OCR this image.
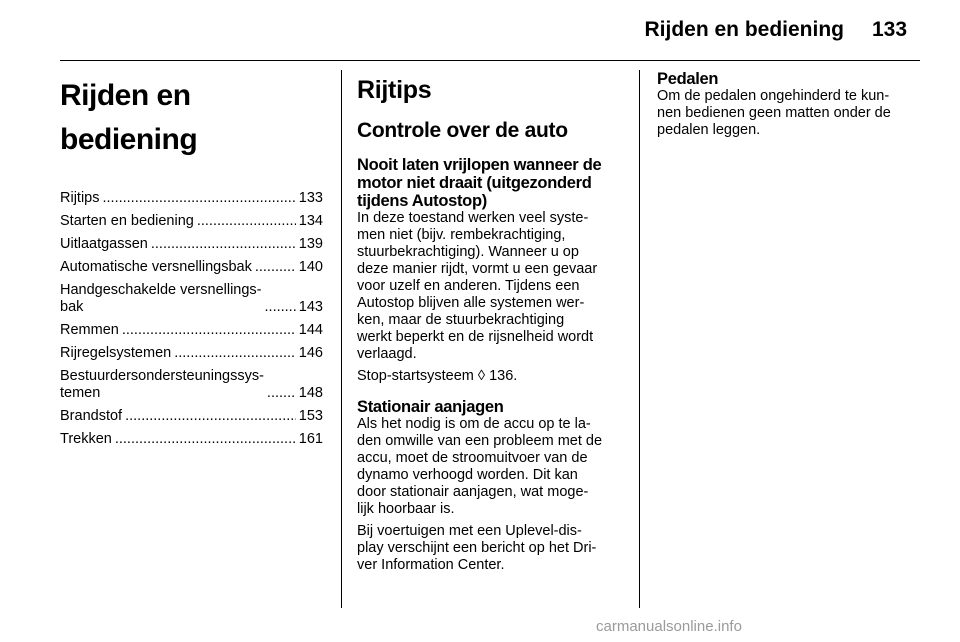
Rijden en bediening 133
Rijden en bediening
Rijtips .....	133
Starten en bediening .....	134
Uitlaatgassen .....	139
Automatische versnellingsbak .....	140
Handgeschakelde versnellings-
bak .....	143
Remmen .....	144
Rijregelsystemen .....	146
Bestuurdersondersteuningssys-
temen .....	148
Brandstof .....	153
Trekken .....	161
Rijtips
Controle over de auto
Nooit laten vrijlopen wanneer de motor niet draait (uitgezonderd tijdens Autostop)

In deze toestand werken veel syste-
men niet (bijv. rembekrachtiging,
stuurbekrachtiging). Wanneer u op
deze manier rijdt, vormt u een gevaar
voor uzelf en anderen. Tijdens een
Autostop blijven alle systemen wer-
ken, maar de stuurbekrachtiging
werkt beperkt en de rijsnelheid wordt
verlaagd.

Stop-startsysteem ◊ 136.

Stationair aanjagen

Als het nodig is om de accu op te la-
den omwille van een probleem met de
accu, moet de stroomuitvoer van de
dynamo verhoogd worden. Dit kan
door stationair aanjagen, wat moge-
lijk hoorbaar is.

Bij voertuigen met een Uplevel-dis-
play verschijnt een bericht op het Dri-
ver Information Center.

Pedalen

Om de pedalen ongehinderd te kun-
nen bedienen geen matten onder de
pedalen leggen.

carmanualsonline.info
